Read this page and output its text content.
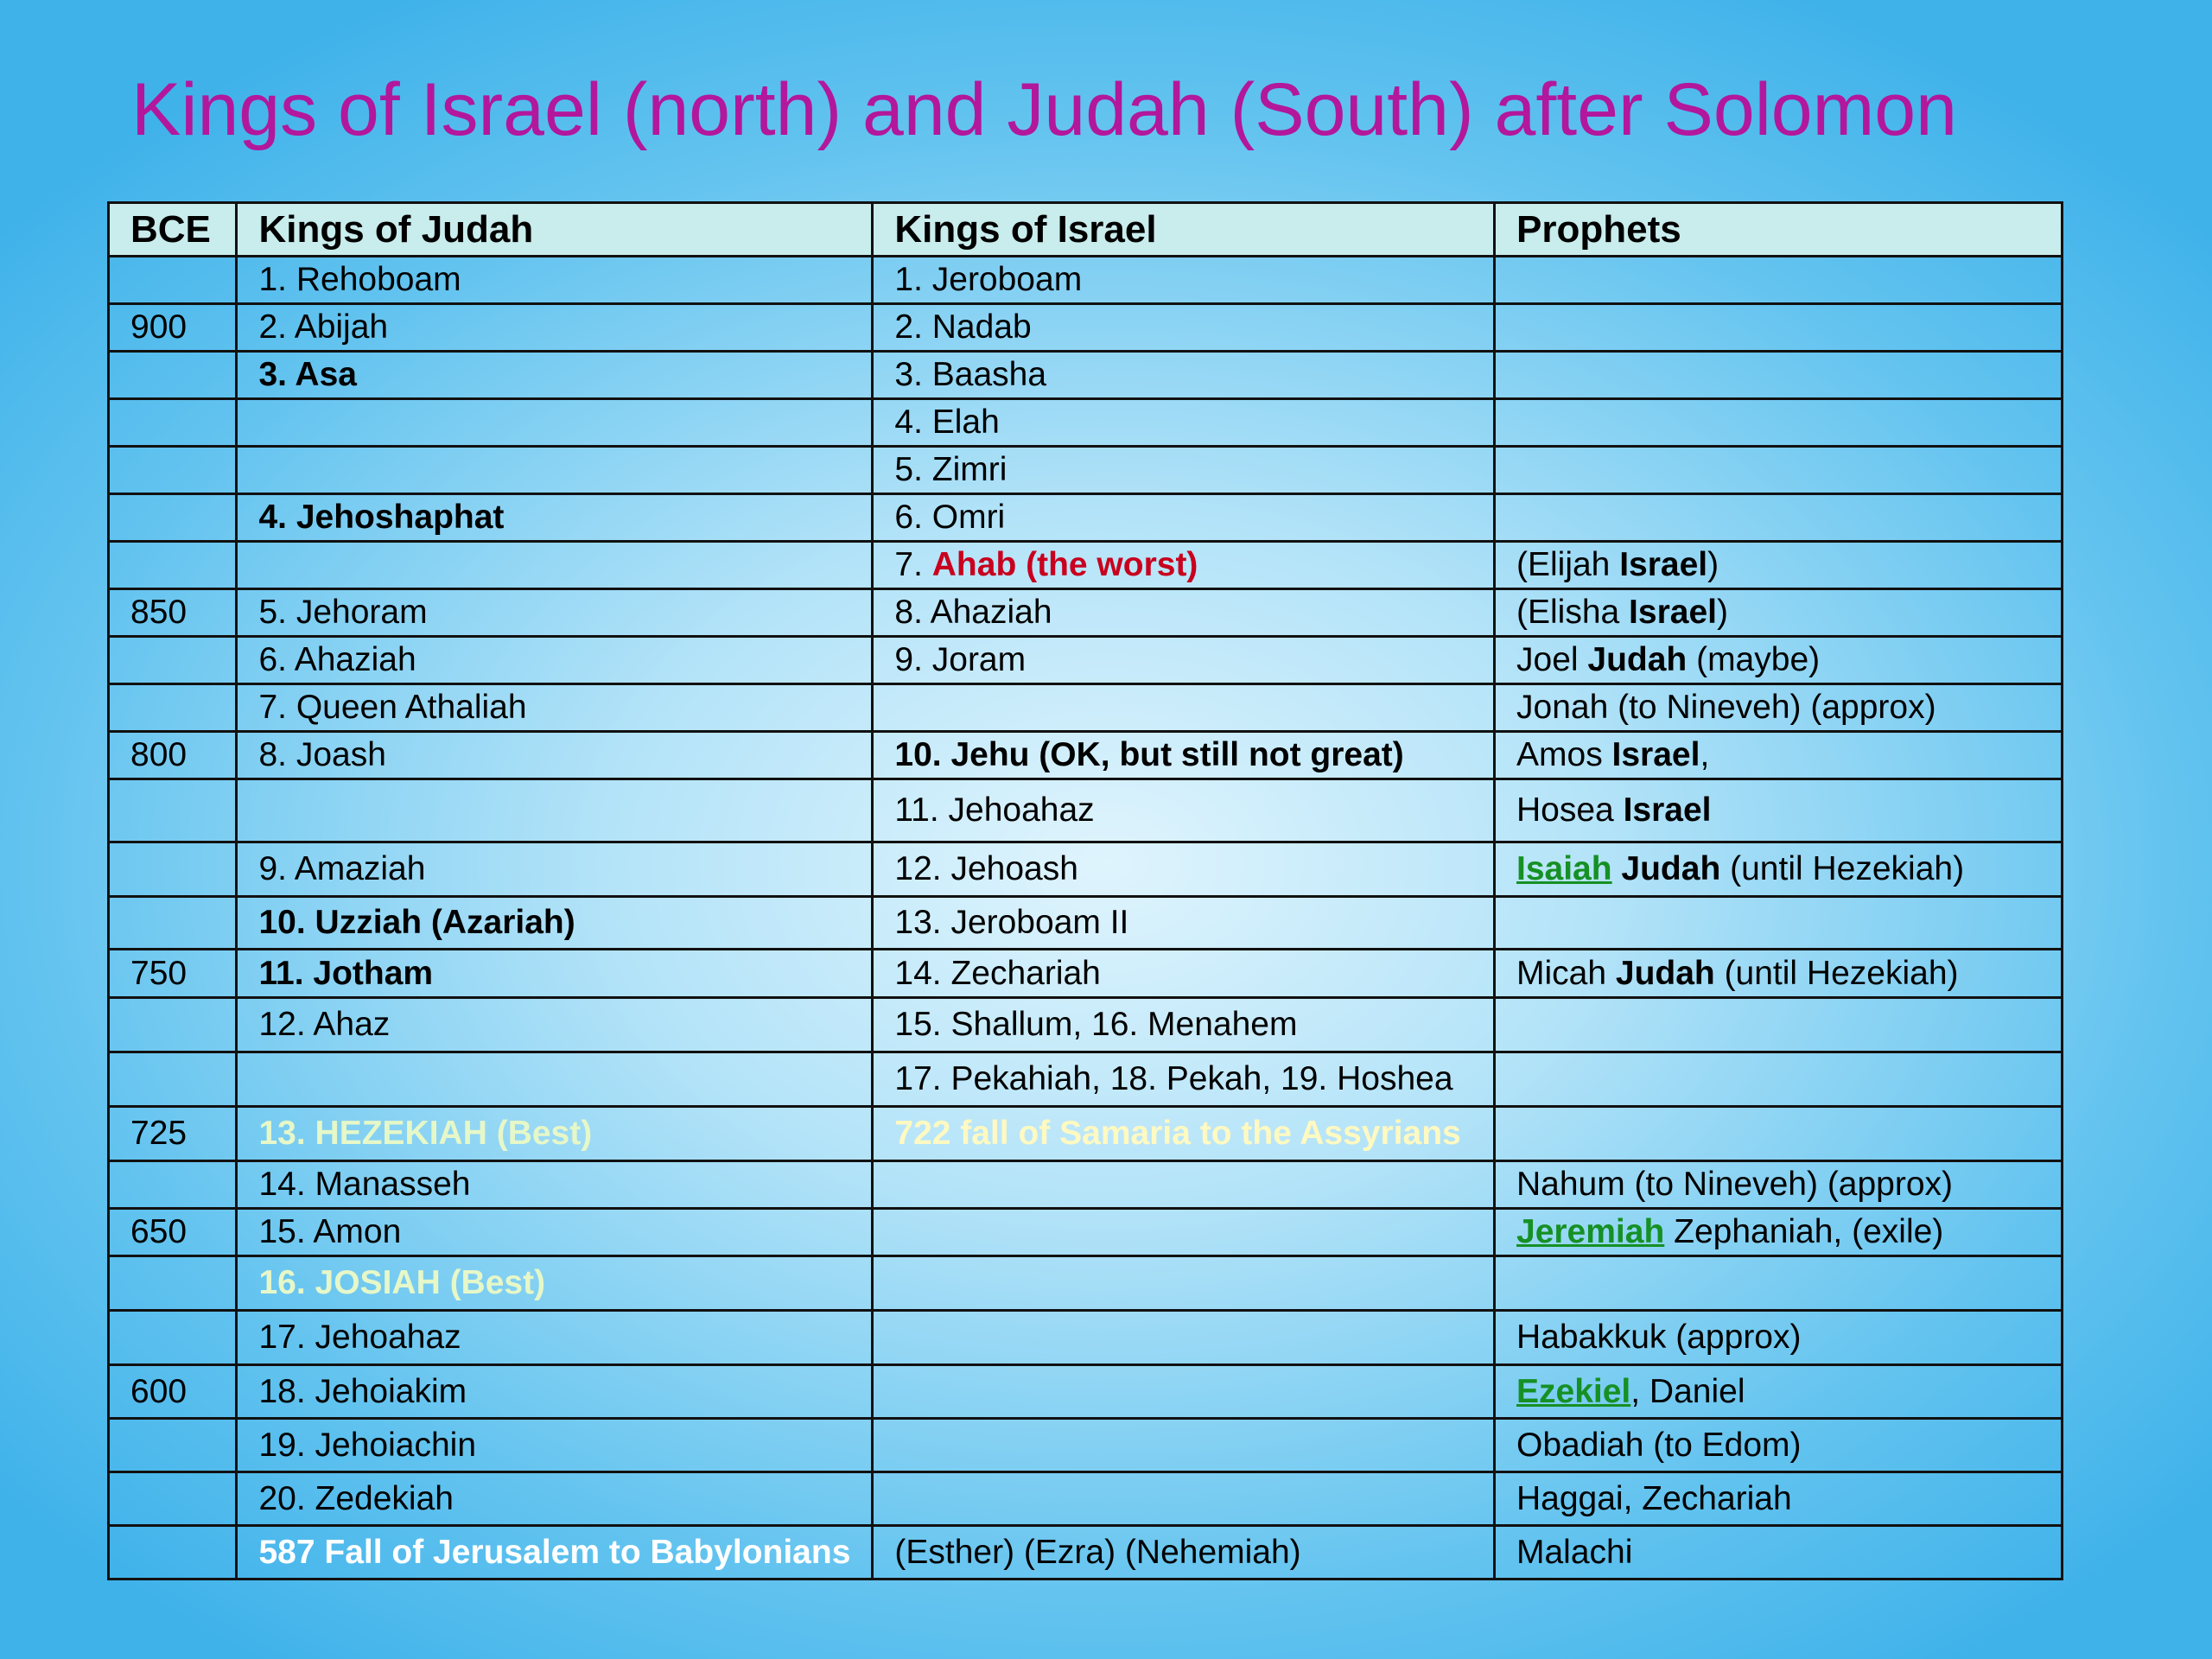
Kings of Israel (north) and Judah (South) after Solomon
BCE	Kings of Judah	Kings of Israel	Prophets
	1. Rehoboam	1. Jeroboam	
900	2. Abijah	2. Nadab	
	3. Asa	3. Baasha	
		4. Elah	
		5. Zimri	
	4. Jehoshaphat	6. Omri	
		7. Ahab (the worst)	(Elijah Israel)
850	5. Jehoram	8. Ahaziah	(Elisha Israel)
	6. Ahaziah	9. Joram	Joel Judah (maybe)
	7. Queen Athaliah		Jonah (to Nineveh) (approx)
800	8. Joash	10. Jehu (OK, but still not great)	Amos Israel,
		11. Jehoahaz	Hosea Israel
	9. Amaziah	12. Jehoash	Isaiah Judah (until Hezekiah)
	10. Uzziah (Azariah)	13. Jeroboam II	
750	11. Jotham	14. Zechariah	Micah Judah (until Hezekiah)
	12. Ahaz	15. Shallum, 16. Menahem	
		17. Pekahiah, 18. Pekah, 19. Hoshea	
725	13. HEZEKIAH (Best)	722 fall of Samaria to the Assyrians	
	14. Manasseh		Nahum (to Nineveh) (approx)
650	15. Amon		Jeremiah Zephaniah, (exile)
	16. JOSIAH (Best)		
	17. Jehoahaz		Habakkuk (approx)
600	18. Jehoiakim		Ezekiel, Daniel
	19. Jehoiachin		Obadiah (to Edom)
	20. Zedekiah		Haggai, Zechariah
	587 Fall of Jerusalem to Babylonians	(Esther) (Ezra) (Nehemiah)	Malachi
